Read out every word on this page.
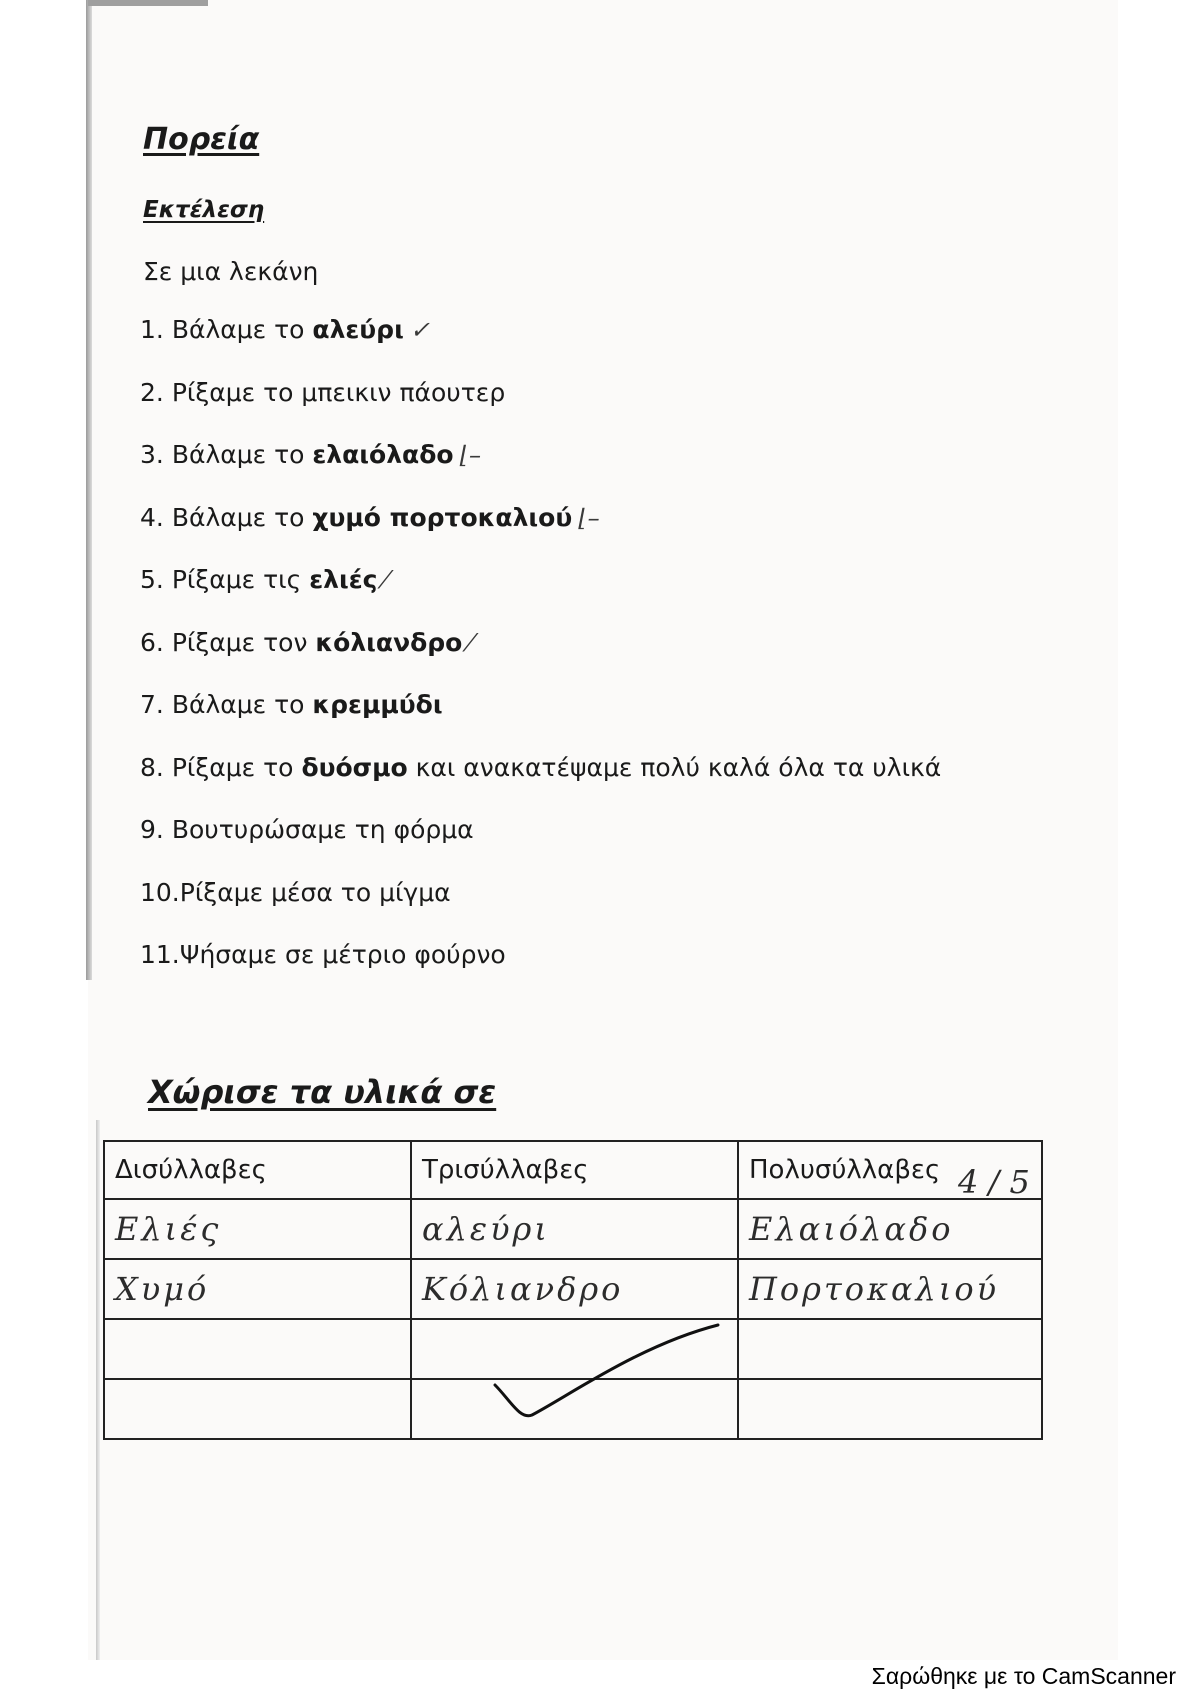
Πορεία
Εκτέλεση
Σε μια λεκάνη
1. Βάλαμε το αλεύρι ✓
2. Ρίξαμε το μπεικιν πάουτερ
3. Βάλαμε το ελαιόλαδο ⌊–
4. Βάλαμε το χυμό πορτοκαλιού ⌊–
5. Ρίξαμε τις ελιές ⁄
6. Ρίξαμε τον κόλιανδρο ⁄
7. Βάλαμε το κρεμμύδι
8. Ρίξαμε το δυόσμο και ανακατέψαμε πολύ καλά όλα τα υλικά
9. Βουτυρώσαμε τη φόρμα
10.Ρίξαμε μέσα το μίγμα
11.Ψήσαμε σε μέτριο φούρνο
Χώρισε τα υλικά σε
Δισύλλαβες	Τρισύλλαβες	Πολυσύλλαβες
Ελιές	αλεύρι	Ελαιόλαδο
Χυμό	Κόλιανδρο	Πορτοκαλιού

4 / 5
Σαρώθηκε με το CamScanner
